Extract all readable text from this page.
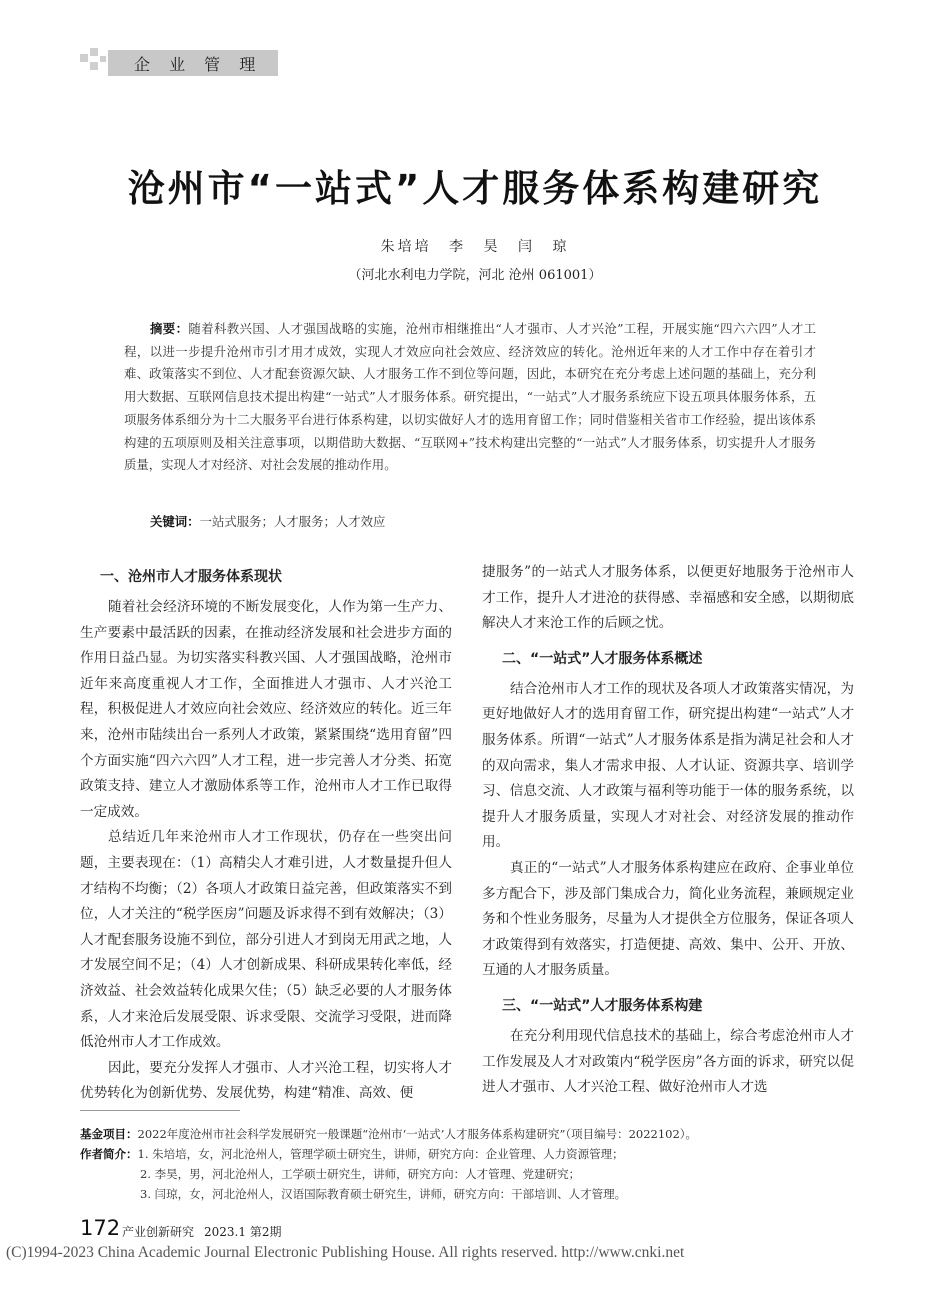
企 业 管 理
沧州市“一站式”人才服务体系构建研究
朱培培 李 昊 闫 琼
（河北水利电力学院，河北 沧州 061001）

摘要：随着科教兴国、人才强国战略的实施，沧州市相继推出“人才强市、人才兴沧”工程，开展实施“四六六四”人才工程，以进一步提升沧州市引才用才成效，实现人才效应向社会效应、经济效应的转化。沧州近年来的人才工作中存在着引才难、政策落实不到位、人才配套资源欠缺、人才服务工作不到位等问题，因此，本研究在充分考虑上述问题的基础上，充分利用大数据、互联网信息技术提出构建“一站式”人才服务体系。研究提出，“一站式”人才服务系统应下设五项具体服务体系，五项服务体系细分为十二大服务平台进行体系构建，以切实做好人才的选用育留工作；同时借鉴相关省市工作经验，提出该体系构建的五项原则及相关注意事项，以期借助大数据、“互联网+”技术构建出完整的“一站式”人才服务体系，切实提升人才服务质量，实现人才对经济、对社会发展的推动作用。

关键词：一站式服务；人才服务；人才效应

一、沧州市人才服务体系现状

随着社会经济环境的不断发展变化，人作为第一生产力、生产要素中最活跃的因素，在推动经济发展和社会进步方面的作用日益凸显。为切实落实科教兴国、人才强国战略，沧州市近年来高度重视人才工作，全面推进人才强市、人才兴沧工程，积极促进人才效应向社会效应、经济效应的转化。近三年来，沧州市陆续出台一系列人才政策，紧紧围绕“选用育留”四个方面实施“四六六四”人才工程，进一步完善人才分类、拓宽政策支持、建立人才激励体系等工作，沧州市人才工作已取得一定成效。

总结近几年来沧州市人才工作现状，仍存在一些突出问题，主要表现在：（1）高精尖人才难引进，人才数量提升但人才结构不均衡；（2）各项人才政策日益完善，但政策落实不到位，人才关注的“税学医房”问题及诉求得不到有效解决；（3）人才配套服务设施不到位，部分引进人才到岗无用武之地，人才发展空间不足；（4）人才创新成果、科研成果转化率低，经济效益、社会效益转化成果欠佳；（5）缺乏必要的人才服务体系，人才来沧后发展受限、诉求受限、交流学习受限，进而降低沧州市人才工作成效。

因此，要充分发挥人才强市、人才兴沧工程，切实将人才优势转化为创新优势、发展优势，构建“精准、高效、便

捷服务”的一站式人才服务体系，以便更好地服务于沧州市人才工作，提升人才进沧的获得感、幸福感和安全感，以期彻底解决人才来沧工作的后顾之忧。

二、“一站式”人才服务体系概述

结合沧州市人才工作的现状及各项人才政策落实情况，为更好地做好人才的选用育留工作，研究提出构建“一站式”人才服务体系。所谓“一站式”人才服务体系是指为满足社会和人才的双向需求，集人才需求申报、人才认证、资源共享、培训学习、信息交流、人才政策与福利等功能于一体的服务系统，以提升人才服务质量，实现人才对社会、对经济发展的推动作用。

真正的“一站式”人才服务体系构建应在政府、企事业单位多方配合下，涉及部门集成合力，简化业务流程，兼顾规定业务和个性业务服务，尽量为人才提供全方位服务，保证各项人才政策得到有效落实，打造便捷、高效、集中、公开、开放、互通的人才服务质量。

三、“一站式”人才服务体系构建

在充分利用现代信息技术的基础上，综合考虑沧州市人才工作发展及人才对政策内“税学医房”各方面的诉求，研究以促进人才强市、人才兴沧工程、做好沧州市人才选

基金项目：2022年度沧州市社会科学发展研究一般课题“沧州市‘一站式’人才服务体系构建研究”（项目编号：2022102）。
作者简介：1. 朱培培，女，河北沧州人，管理学硕士研究生，讲师，研究方向：企业管理、人力资源管理；
2. 李昊，男，河北沧州人，工学硕士研究生，讲师，研究方向：人才管理、党建研究；
3. 闫琼，女，河北沧州人，汉语国际教育硕士研究生，讲师，研究方向：干部培训、人才管理。
172 产业创新研究 2023.1 第2期
(C)1994-2023 China Academic Journal Electronic Publishing House. All rights reserved. http://www.cnki.net
